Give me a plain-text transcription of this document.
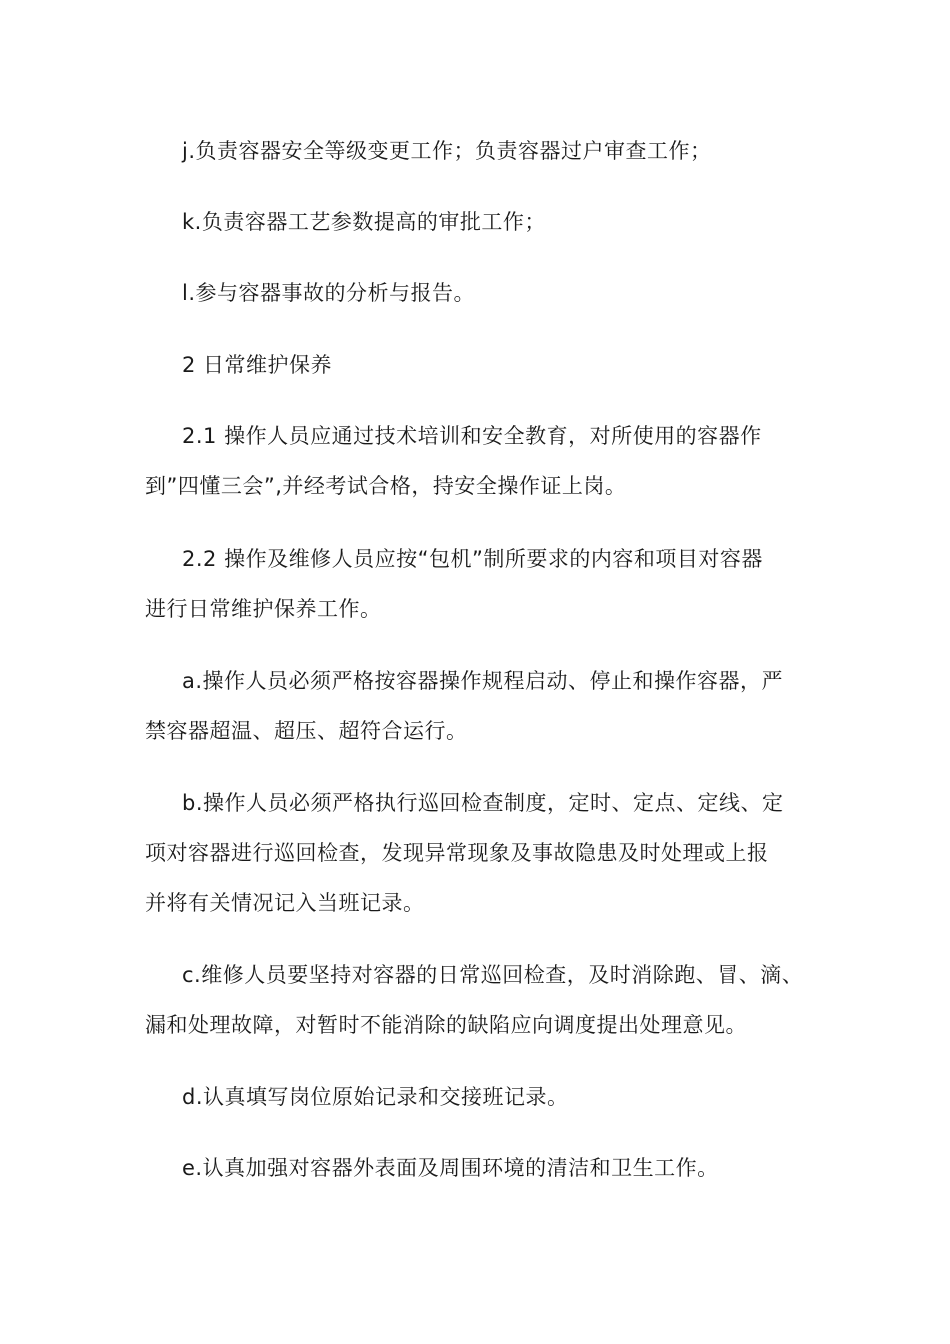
j.负责容器安全等级变更工作；负责容器过户审查工作；

k.负责容器工艺参数提高的审批工作；

l.参与容器事故的分析与报告。

2 日常维护保养

2.1 操作人员应通过技术培训和安全教育，对所使用的容器作
到”四懂三会”,并经考试合格，持安全操作证上岗。

2.2 操作及维修人员应按“包机”制所要求的内容和项目对容器
进行日常维护保养工作。

a.操作人员必须严格按容器操作规程启动、停止和操作容器，严
禁容器超温、超压、超符合运行。

b.操作人员必须严格执行巡回检查制度，定时、定点、定线、定
项对容器进行巡回检查，发现异常现象及事故隐患及时处理或上报
并将有关情况记入当班记录。

c.维修人员要坚持对容器的日常巡回检查，及时消除跑、冒、滴、
漏和处理故障，对暂时不能消除的缺陷应向调度提出处理意见。

d.认真填写岗位原始记录和交接班记录。

e.认真加强对容器外表面及周围环境的清洁和卫生工作。
